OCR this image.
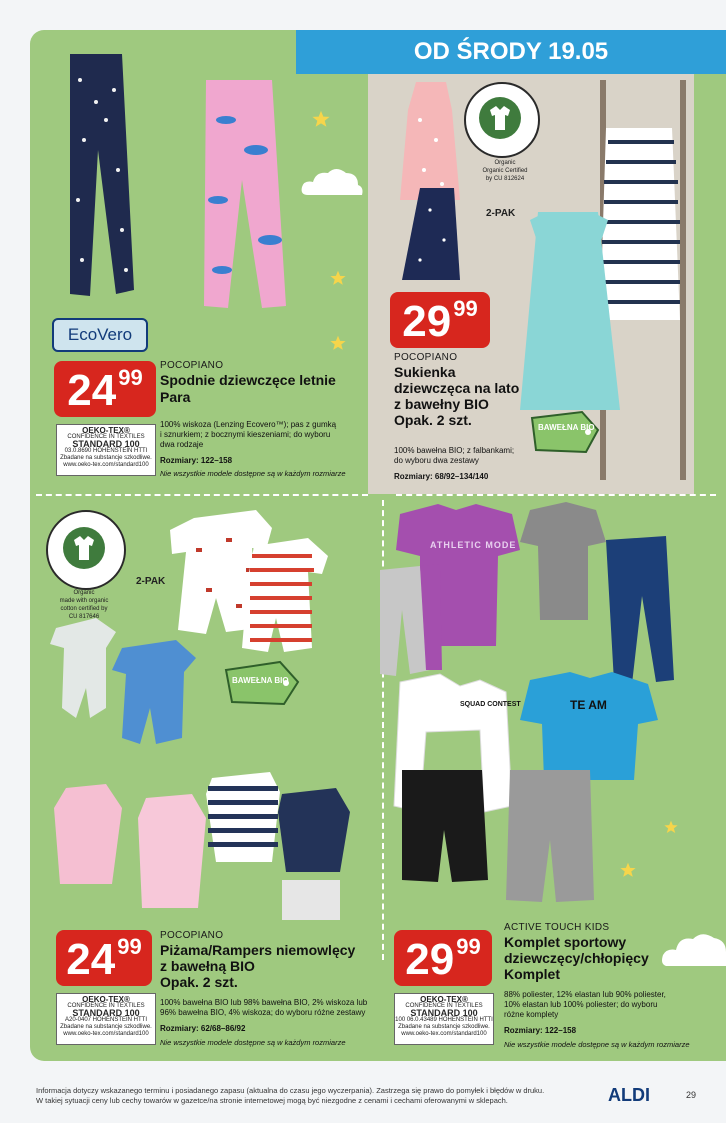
OD ŚRODY 19.05
EcoVero
24 99
OEKO-TEX®
CONFIDENCE IN TEXTILES
STANDARD 100
03.0.8690 HOHENSTEIN HTTI
Zbadane na substancje szkodliwe.
www.oeko-tex.com/standard100
POCOPIANO
Spodnie dziewczęce letnie
Para
100% wiskoza (Lenzing Ecovero™); pas z gumką
i sznurkiem; z bocznymi kieszeniami; do wyboru
dwa rodzaje
Rozmiary: 122–158
Nie wszystkie modele dostępne są w każdym rozmiarze
Organic
Organic Certified
by CU 812624
2-PAK
29 99
POCOPIANO
Sukienka
dziewczęca na lato
z bawełny BIO
Opak. 2 szt.
100% bawełna BIO; z falbankami;
do wyboru dwa zestawy
Rozmiary: 68/92–134/140
BAWEŁNA BIO
Organic
made with organic
cotton certified by
CU 817646
2-PAK
BAWEŁNA BIO
24 99
OEKO-TEX®
CONFIDENCE IN TEXTILES
STANDARD 100
A20-0407 HOHENSTEIN HTTI
Zbadane na substancje szkodliwe.
www.oeko-tex.com/standard100
POCOPIANO
Piżama/Rampers niemowlęcy
z bawełną BIO
Opak. 2 szt.
100% bawełna BIO lub 98% bawełna BIO, 2% wiskoza lub
96% bawełna BIO, 4% wiskoza; do wyboru różne zestawy
Rozmiary: 62/68–86/92
Nie wszystkie modele dostępne są w każdym rozmiarze
ATHLETIC MODE
SQUAD CONTEST	TE AM
29 99
OEKO-TEX®
CONFIDENCE IN TEXTILES
STANDARD 100
100 06.0.43489 HOHENSTEIN HTTI
Zbadane na substancje szkodliwe.
www.oeko-tex.com/standard100
ACTIVE TOUCH KIDS
Komplet sportowy
dziewczęcy/chłopięcy
Komplet
88% poliester, 12% elastan lub 90% poliester,
10% elastan lub 100% poliester; do wyboru
różne komplety
Rozmiary: 122–158
Nie wszystkie modele dostępne są w każdym rozmiarze
Informacja dotyczy wskazanego terminu i posiadanego zapasu (aktualna do czasu jego wyczerpania). Zastrzega się prawo do pomyłek i błędów w druku.
W takiej sytuacji ceny lub cechy towarów w gazetce/na stronie internetowej mogą być niezgodne z cenami i cechami oferowanymi w sklepach.	ALDI	29
